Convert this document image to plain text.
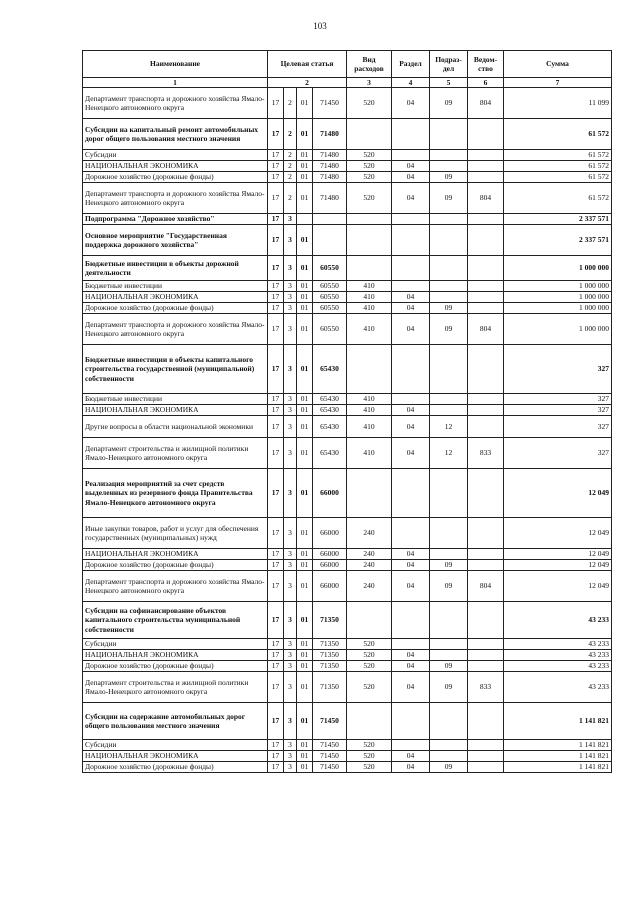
103
Наименование	Целевая статья				Вид расходов	Раздел	Подраз-дел	Ведом-ство	Сумма
1	2				3	4	5	6	7
Департамент транспорта и дорожного хозяйства Ямало-Ненецкого автономного округа	17	2	01	71450	520	04	09	804	11 099
Субсидии на капитальный ремонт автомобильных дорог общего пользования местного значения	17	2	01	71480					61 572
Субсидии	17	2	01	71480	520				61 572
НАЦИОНАЛЬНАЯ ЭКОНОМИКА	17	2	01	71480	520	04			61 572
Дорожное хозяйство (дорожные фонды)	17	2	01	71480	520	04	09		61 572
Департамент транспорта и дорожного хозяйства Ямало-Ненецкого автономного округа	17	2	01	71480	520	04	09	804	61 572
Подпрограмма "Дорожное хозяйство"	17	3							2 337 571
Основное мероприятие "Государственная поддержка дорожного хозяйства"	17	3	01						2 337 571
Бюджетные инвестиции в объекты дорожной деятельности	17	3	01	60550					1 000 000
Бюджетные инвестиции	17	3	01	60550	410				1 000 000
НАЦИОНАЛЬНАЯ ЭКОНОМИКА	17	3	01	60550	410	04			1 000 000
Дорожное хозяйство (дорожные фонды)	17	3	01	60550	410	04	09		1 000 000
Департамент транспорта и дорожного хозяйства Ямало-Ненецкого автономного округа	17	3	01	60550	410	04	09	804	1 000 000
Бюджетные инвестиции в объекты капитального строительства государственной (муниципальной) собственности	17	3	01	65430					327
Бюджетные инвестиции	17	3	01	65430	410				327
НАЦИОНАЛЬНАЯ ЭКОНОМИКА	17	3	01	65430	410	04			327
Другие вопросы в области национальной экономики	17	3	01	65430	410	04	12		327
Департамент строительства и жилищной политики Ямало-Ненецкого автономного округа	17	3	01	65430	410	04	12	833	327
Реализация мероприятий за счет средств выделенных из резервного фонда Правительства Ямало-Ненецкого автономного округа	17	3	01	66000					12 049
Иные закупки товаров, работ и услуг для обеспечения государственных (муниципальных) нужд	17	3	01	66000	240				12 049
НАЦИОНАЛЬНАЯ ЭКОНОМИКА	17	3	01	66000	240	04			12 049
Дорожное хозяйство (дорожные фонды)	17	3	01	66000	240	04	09		12 049
Департамент транспорта и дорожного хозяйства Ямало-Ненецкого автономного округа	17	3	01	66000	240	04	09	804	12 049
Субсидии на софинансирование объектов капитального строительства муниципальной собственности	17	3	01	71350					43 233
Субсидии	17	3	01	71350	520				43 233
НАЦИОНАЛЬНАЯ ЭКОНОМИКА	17	3	01	71350	520	04			43 233
Дорожное хозяйство (дорожные фонды)	17	3	01	71350	520	04	09		43 233
Департамент строительства и жилищной политики Ямало-Ненецкого автономного округа	17	3	01	71350	520	04	09	833	43 233
Субсидии на содержание автомобильных дорог общего пользования местного значения	17	3	01	71450					1 141 821
Субсидии	17	3	01	71450	520				1 141 821
НАЦИОНАЛЬНАЯ ЭКОНОМИКА	17	3	01	71450	520	04			1 141 821
Дорожное хозяйство (дорожные фонды)	17	3	01	71450	520	04	09		1 141 821
